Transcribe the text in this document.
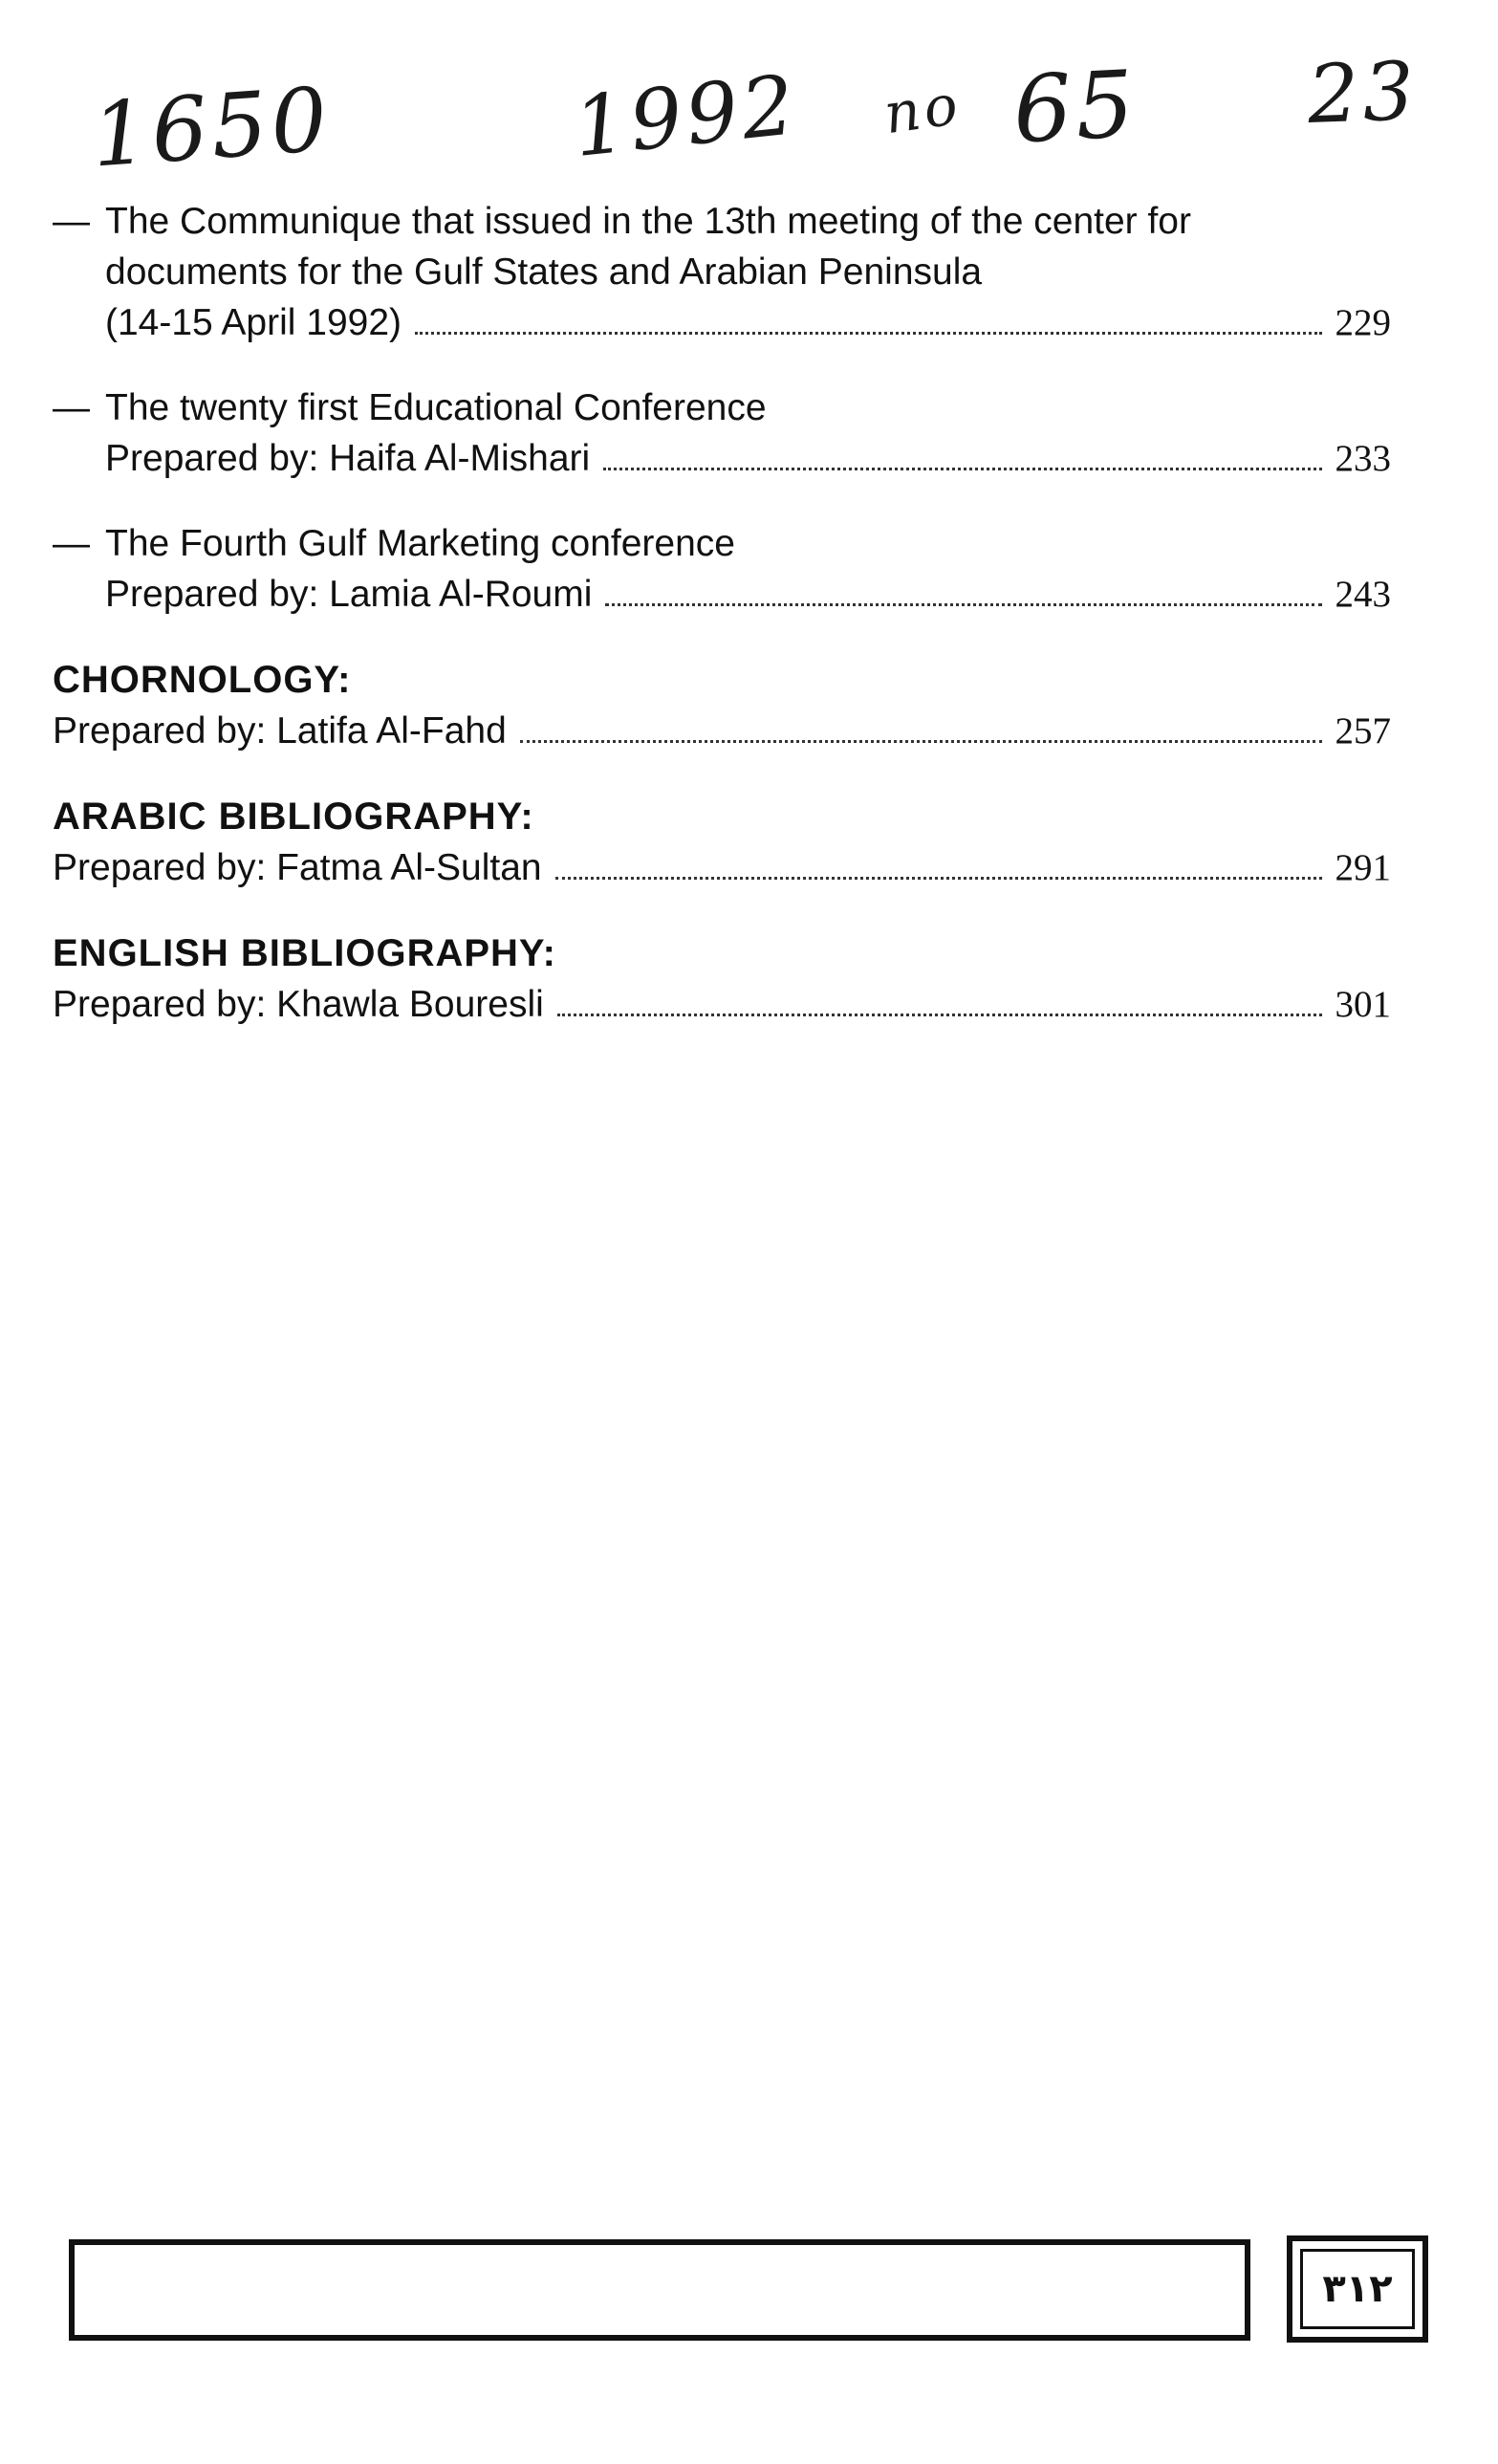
1650	1992 no 65 23
— The Communique that issued in the 13th meeting of the center for
documents for the Gulf States and Arabian Peninsula
(14-15 April 1992)	229
— The twenty first Educational Conference
Prepared by: Haifa Al-Mishari	233
— The Fourth Gulf Marketing conference
Prepared by: Lamia Al-Roumi	243
CHORNOLOGY:
Prepared by: Latifa Al-Fahd	257
ARABIC BIBLIOGRAPHY:
Prepared by: Fatma Al-Sultan	291
ENGLISH BIBLIOGRAPHY:
Prepared by: Khawla Bouresli	301
٣١٢
